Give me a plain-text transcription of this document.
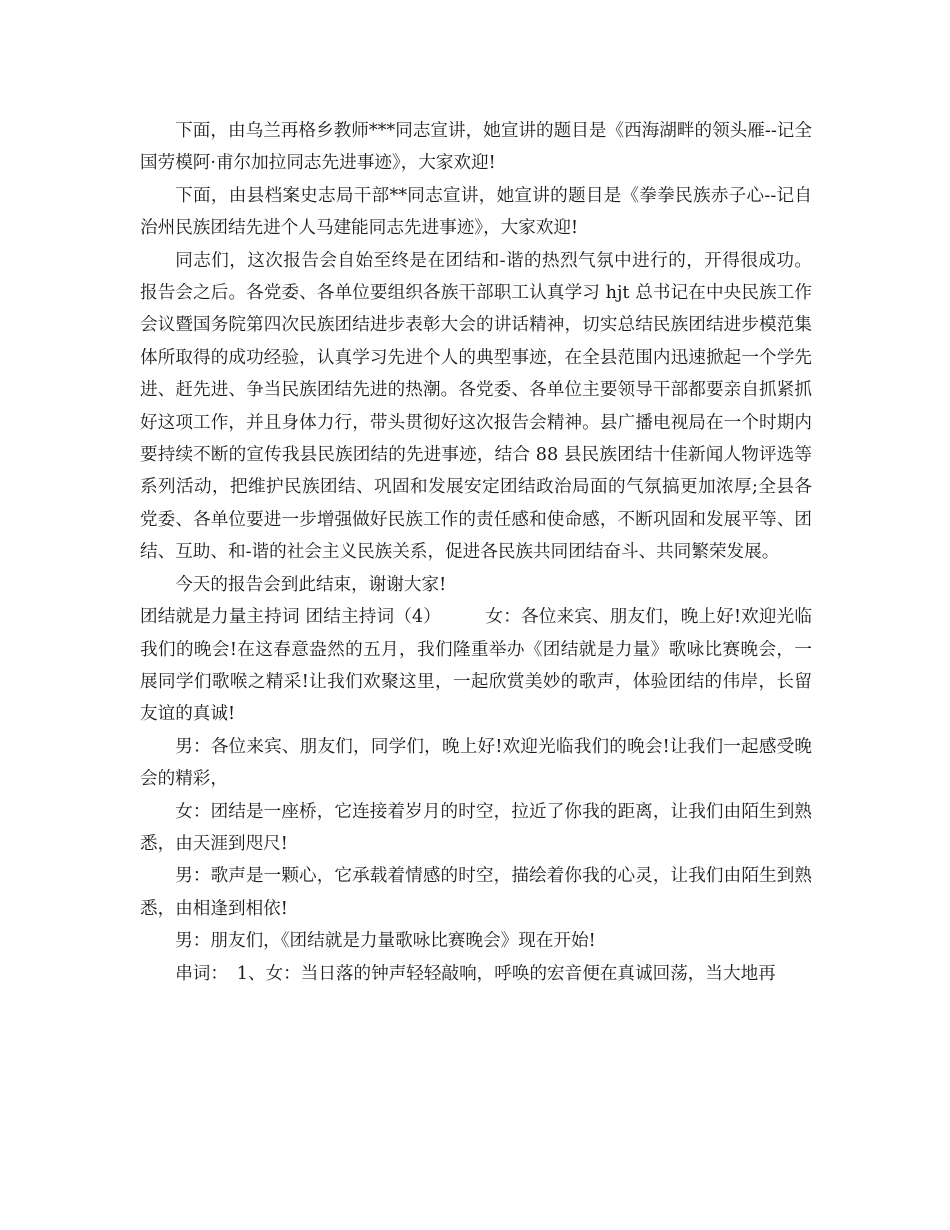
下面，由乌兰再格乡教师***同志宣讲，她宣讲的题目是《西海湖畔的领头雁--记全国劳模阿·甫尔加拉同志先进事迹》，大家欢迎!

下面，由县档案史志局干部**同志宣讲，她宣讲的题目是《拳拳民族赤子心--记自治州民族团结先进个人马建能同志先进事迹》，大家欢迎!

同志们，这次报告会自始至终是在团结和-谐的热烈气氛中进行的，开得很成功。报告会之后。各党委、各单位要组织各族干部职工认真学习 hjt 总书记在中央民族工作会议暨国务院第四次民族团结进步表彰大会的讲话精神，切实总结民族团结进步模范集体所取得的成功经验，认真学习先进个人的典型事迹，在全县范围内迅速掀起一个学先进、赶先进、争当民族团结先进的热潮。各党委、各单位主要领导干部都要亲自抓紧抓好这项工作，并且身体力行，带头贯彻好这次报告会精神。县广播电视局在一个时期内要持续不断的宣传我县民族团结的先进事迹，结合 88 县民族团结十佳新闻人物评选等系列活动，把维护民族团结、巩固和发展安定团结政治局面的气氛搞更加浓厚;全县各党委、各单位要进一步增强做好民族工作的责任感和使命感，不断巩固和发展平等、团结、互助、和-谐的社会主义民族关系，促进各民族共同团结奋斗、共同繁荣发展。

今天的报告会到此结束，谢谢大家!

团结就是力量主持词 团结主持词（4）　　　女：各位来宾、朋友们，晚上好!欢迎光临我们的晚会!在这春意盎然的五月，我们隆重举办《团结就是力量》歌咏比赛晚会，一展同学们歌喉之精采!让我们欢聚这里，一起欣赏美妙的歌声，体验团结的伟岸，长留友谊的真诚!

男：各位来宾、朋友们，同学们，晚上好!欢迎光临我们的晚会!让我们一起感受晚会的精彩，

女：团结是一座桥，它连接着岁月的时空，拉近了你我的距离，让我们由陌生到熟悉，由天涯到咫尺!

男：歌声是一颗心，它承载着情感的时空，描绘着你我的心灵，让我们由陌生到熟悉，由相逢到相依!

男：朋友们，《团结就是力量歌咏比赛晚会》现在开始!

串词：　1、女：当日落的钟声轻轻敲响，呼唤的宏音便在真诚回荡，当大地再
